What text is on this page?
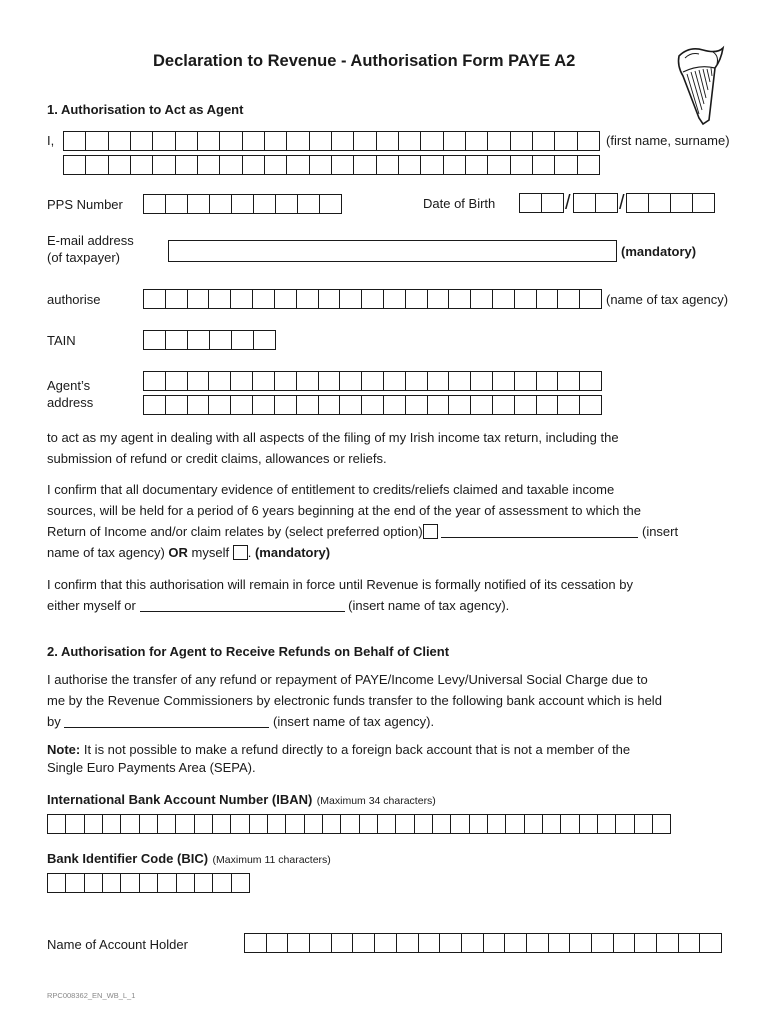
Declaration to Revenue - Authorisation Form PAYE A2
1. Authorisation to Act as Agent
I,	(first name, surname)
PPS Number	Date of Birth	/ /
E-mail address
(of taxpayer)	(mandatory)
authorise	(name of tax agency)
TAIN
Agent’s
address
to act as my agent in dealing with all aspects of the filing of my Irish income tax return, including the
submission of refund or credit claims, allowances or reliefs.
I confirm that all documentary evidence of entitlement to credits/reliefs claimed and taxable income
sources, will be held for a period of 6 years beginning at the end of the year of assessment to which the
Return of Income and/or claim relates by (select preferred option)	(insert
name of tax agency) OR myself . (mandatory)
I confirm that this authorisation will remain in force until Revenue is formally notified of its cessation by
either myself or	(insert name of tax agency).
2. Authorisation for Agent to Receive Refunds on Behalf of Client
I authorise the transfer of any refund or repayment of PAYE/Income Levy/Universal Social Charge due to
me by the Revenue Commissioners by electronic funds transfer to the following bank account which is held
by	(insert name of tax agency).
Note: It is not possible to make a refund directly to a foreign back account that is not a member of the
Single Euro Payments Area (SEPA).
International Bank Account Number (IBAN) (Maximum 34 characters)
Bank Identifier Code (BIC) (Maximum 11 characters)
Name of Account Holder
RPC008362_EN_WB_L_1
